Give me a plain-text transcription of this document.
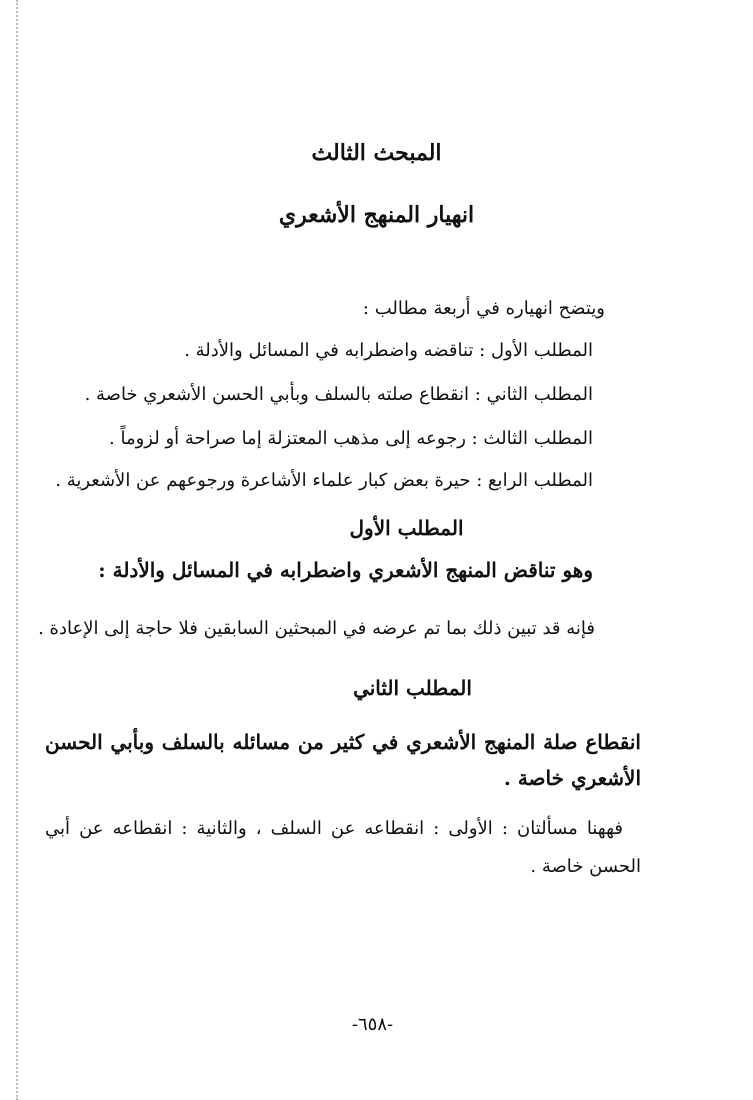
المبحث الثالث

انهيار المنهج الأشعري

ويتضح انهياره في أربعة مطالب :

المطلب الأول : تناقضه واضطرابه في المسائل والأدلة .

المطلب الثاني : انقطاع صلته بالسلف وبأبي الحسن الأشعري خاصة .

المطلب الثالث : رجوعه إلى مذهب المعتزلة إما صراحة أو لزوماً .

المطلب الرابع : حيرة بعض كبار علماء الأشاعرة ورجوعهم عن الأشعرية .

المطلب الأول

وهو تناقض المنهج الأشعري واضطرابه في المسائل والأدلة :

فإنه قد تبين ذلك بما تم عرضه في المبحثين السابقين فلا حاجة إلى الإعادة .

المطلب الثاني

انقطاع صلة المنهج الأشعري في كثير من مسائله بالسلف وبأبي الحسن

الأشعري خاصة .

فههنا مسألتان : الأولى : انقطاعه عن السلف ، والثانية : انقطاعه عن أبي

الحسن خاصة .

-٦٥٨-
